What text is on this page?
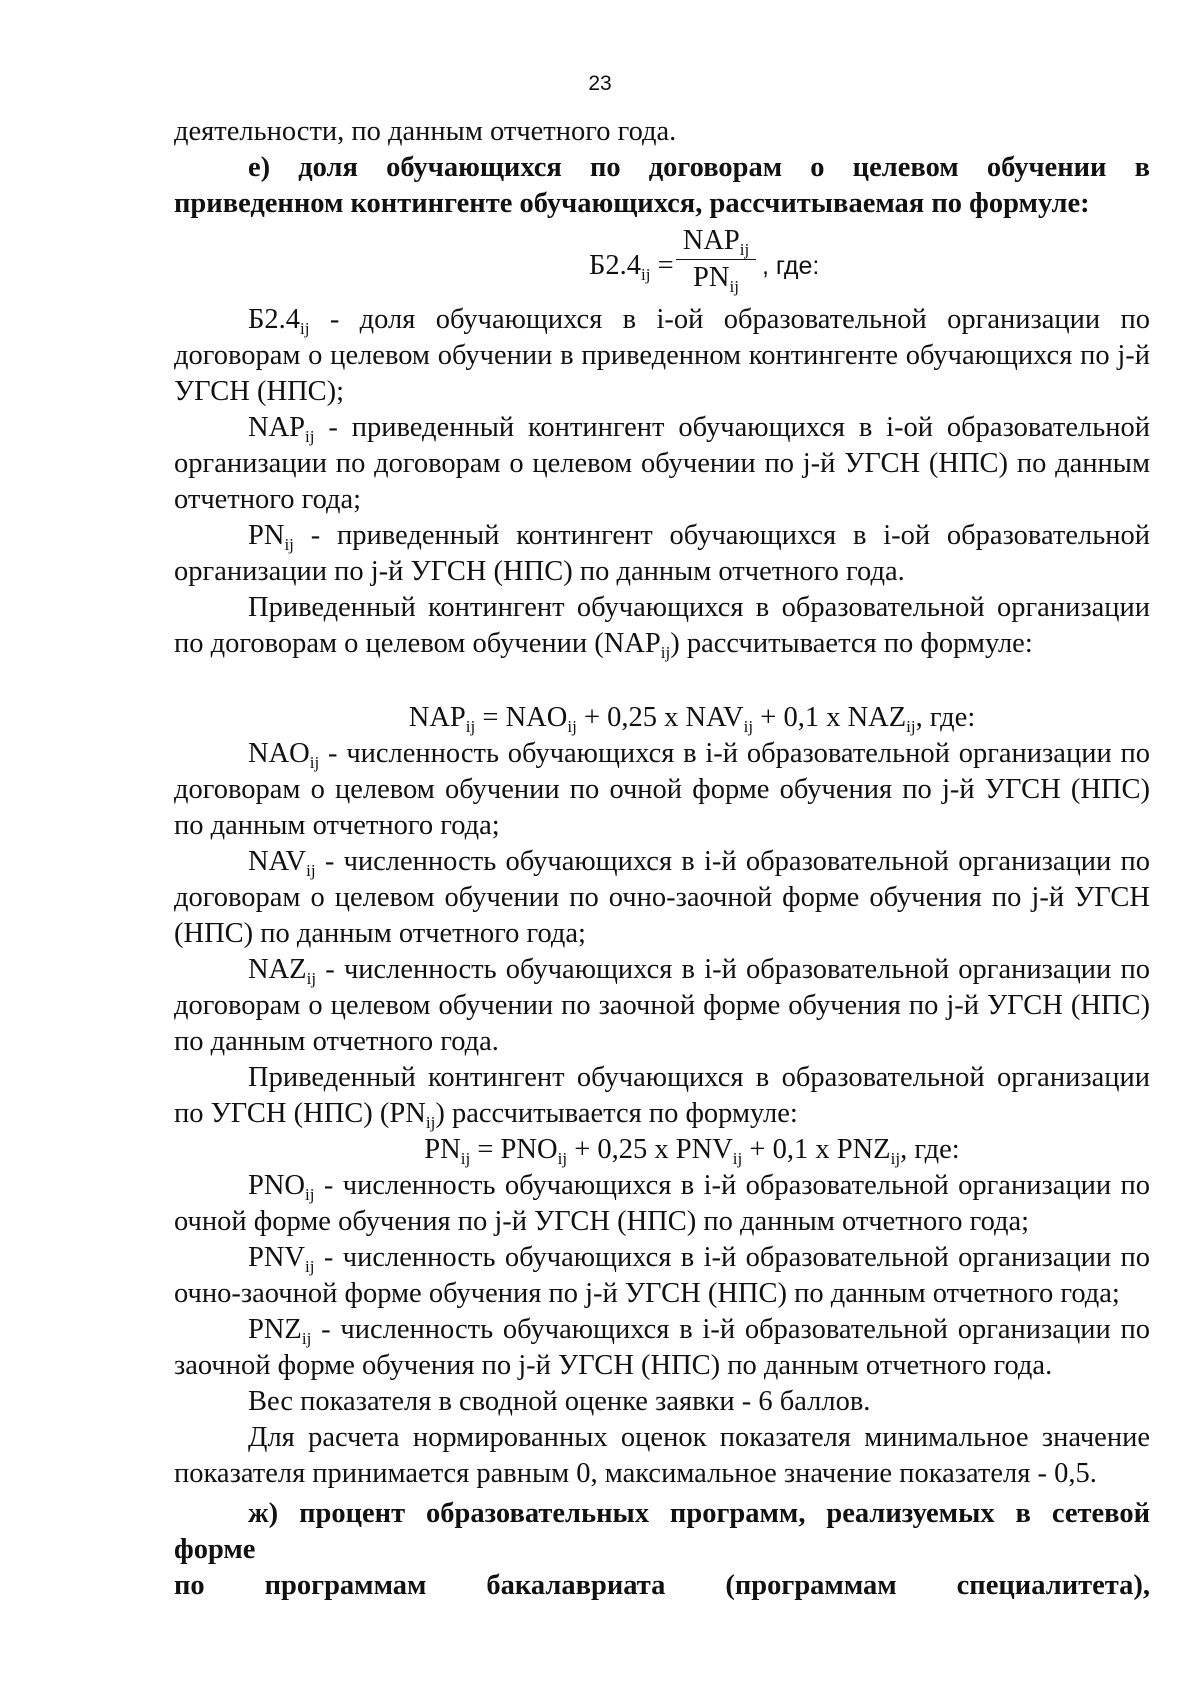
23

деятельности, по данным отчетного года.

е) доля обучающихся по договорам о целевом обучении в приведенном контингенте обучающихся, рассчитываемая по формуле:

$Б2.4_{ij}$ =
$NAP_{ij}$
$PN_{ij}$
, где:

$Б2.4_{ij}$ - доля обучающихся в i-ой образовательной организации по договорам о целевом обучении в приведенном контингенте обучающихся по j-й УГСН (НПС);

$NAP_{ij}$ - приведенный контингент обучающихся в i-ой образовательной организации по договорам о целевом обучении по j-й УГСН (НПС) по данным отчетного года;

$PN_{ij}$ - приведенный контингент обучающихся в i-ой образовательной организации по j-й УГСН (НПС) по данным отчетного года.

Приведенный контингент обучающихся в образовательной организации по договорам о целевом обучении $(NAP_{ij})$ рассчитывается по формуле:

$NAP_{ij} = NAO_{ij} + 0,25$ x $NAV_{ij} + 0,1$ x $NAZ_{ij}$, где:

$NAO_{ij}$ - численность обучающихся в i-й образовательной организации по договорам о целевом обучении по очной форме обучения по j-й УГСН (НПС) по данным отчетного года;

$NAV_{ij}$ - численность обучающихся в i-й образовательной организации по договорам о целевом обучении по очно-заочной форме обучения по j-й УГСН (НПС) по данным отчетного года;

$NAZ_{ij}$ - численность обучающихся в i-й образовательной организации по договорам о целевом обучении по заочной форме обучения по j-й УГСН (НПС) по данным отчетного года.

Приведенный контингент обучающихся в образовательной организации по УГСН (НПС) $(PN_{ij})$ рассчитывается по формуле:

$PN_{ij} = PNO_{ij} + 0,25$ x $PNV_{ij} + 0,1$ x $PNZ_{ij}$, где:

$PNO_{ij}$ - численность обучающихся в i-й образовательной организации по очной форме обучения по j-й УГСН (НПС) по данным отчетного года;

$PNV_{ij}$ - численность обучающихся в i-й образовательной организации по очно-заочной форме обучения по j-й УГСН (НПС) по данным отчетного года;

$PNZ_{ij}$ - численность обучающихся в i-й образовательной организации по заочной форме обучения по j-й УГСН (НПС) по данным отчетного года.

Вес показателя в сводной оценке заявки - 6 баллов.

Для расчета нормированных оценок показателя минимальное значение показателя принимается равным 0, максимальное значение показателя - 0,5.

ж) процент образовательных программ, реализуемых в сетевой форме

по программам бакалавриата (программам специалитета),
